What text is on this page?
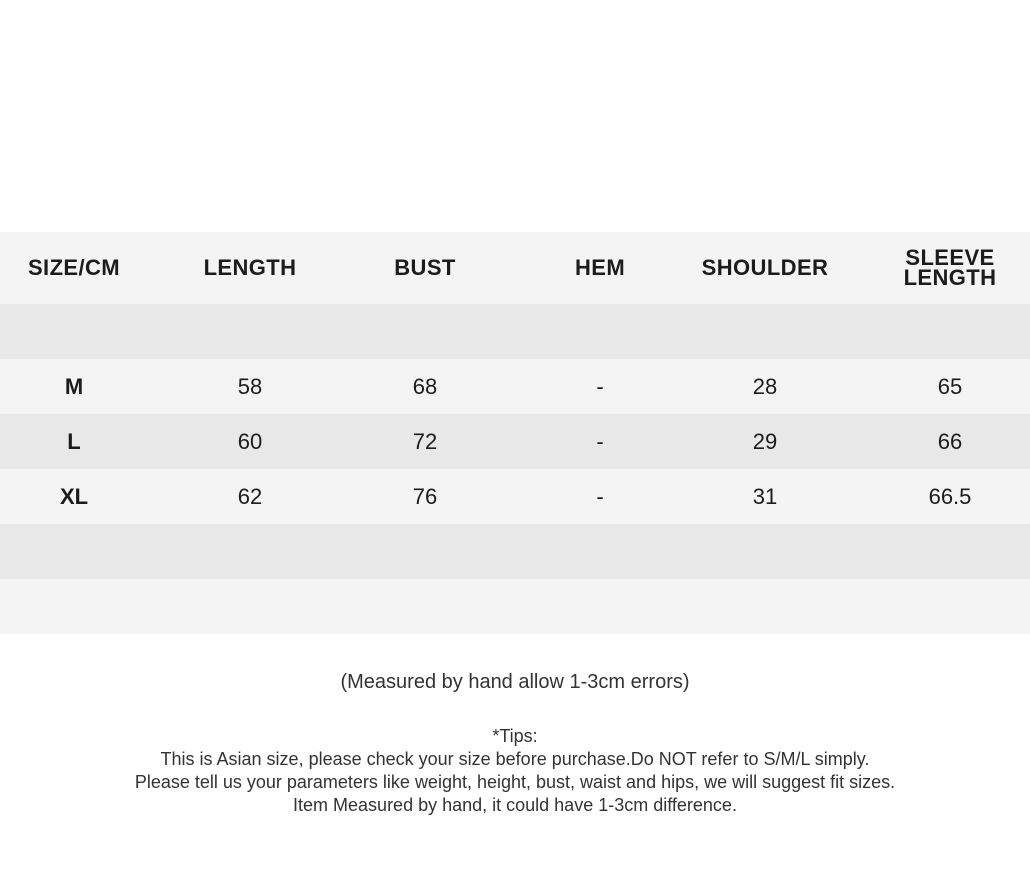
SIZE/CM	LENGTH	BUST	HEM	SHOULDER	SLEEVE LENGTH
M	58	68	-	28	65
L	60	72	-	29	66
XL	62	76	-	31	66.5
(Measured by hand allow 1-3cm errors)
*Tips:
This is Asian size, please check your size before purchase.Do NOT refer to S/M/L simply.
Please tell us your parameters like weight, height, bust, waist and hips, we will suggest fit sizes.
Item Measured by hand, it could have 1-3cm difference.
